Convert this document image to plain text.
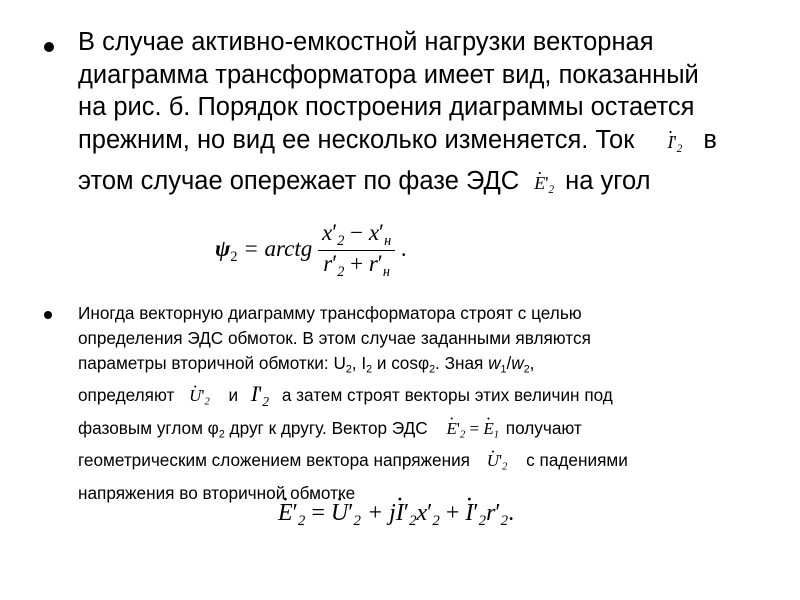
В случае активно-емкостной нагрузки векторная
диаграмма трансформатора имеет вид, показанный
на рис. б. Порядок построения диаграммы остается
прежним, но вид ее несколько изменяется. Ток · $I'_2$ в
этом случае опережает по фазе ЭДС · $E'_2$ на угол

$\psi_2$ = arctg $\frac{x'_2 - x'_н}{r'_2 + r'_н}$ .

Иногда векторную диаграмму трансформатора строят с целью
определения ЭДС обмоток. В этом случае заданными являются
параметры вторичной обмотки: $U_2$, $I_2$ и cosφ$_2$. Зная $w_1/w_2$,
определяют · $U'_2$ и $I'_2$ а затем строят векторы этих величин под
фазовым углом $\varphi_2$ друг к другу. Вектор ЭДС · $E'_2$ = · $E_1$ получают
геометрическим сложением вектора напряжения · $U'_2$ с падениями
напряжения во вторичной обмотке

· $E'_2$ = · $U'_2 + j\cdot I'_2x'_2$ + · $I'_2r'_2$.
